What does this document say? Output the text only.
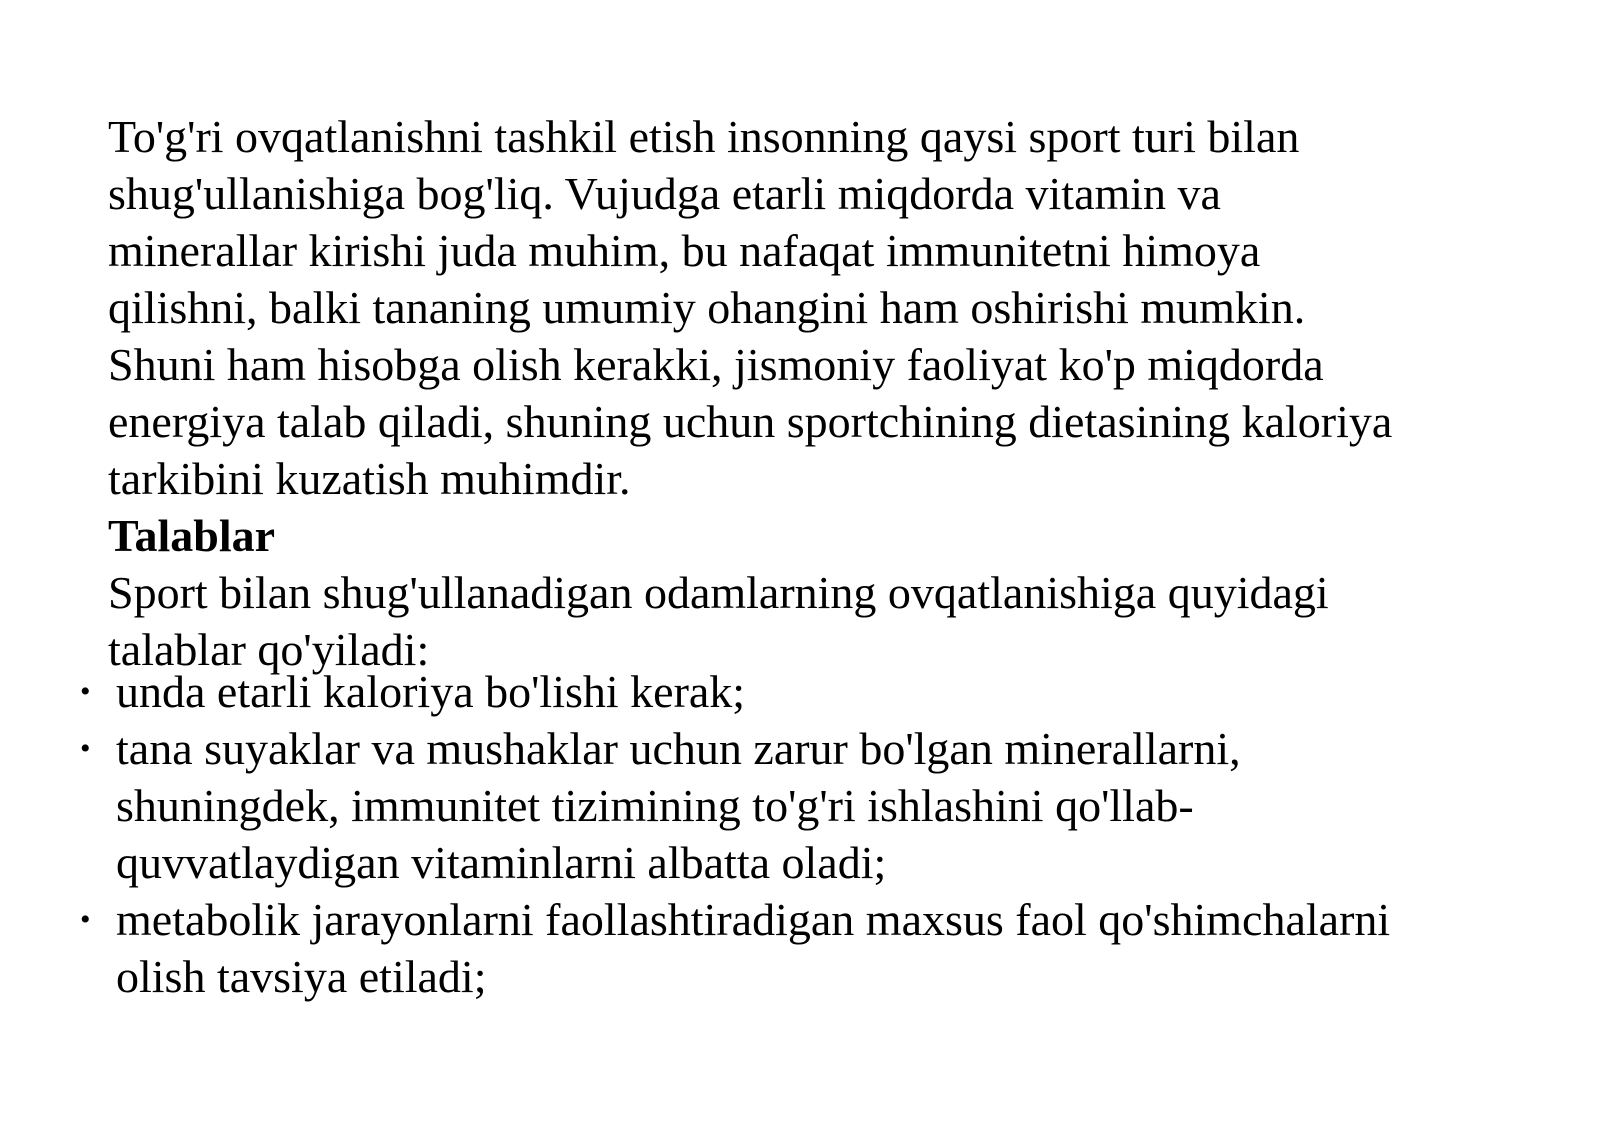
To'g'ri ovqatlanishni tashkil etish insonning qaysi sport turi bilan
shug'ullanishiga bog'liq. Vujudga etarli miqdorda vitamin va
minerallar kirishi juda muhim, bu nafaqat immunitetni himoya
qilishni, balki tananing umumiy ohangini ham oshirishi mumkin.
Shuni ham hisobga olish kerakki, jismoniy faoliyat ko'p miqdorda
energiya talab qiladi, shuning uchun sportchining dietasining kaloriya
tarkibini kuzatish muhimdir.
Talablar
Sport bilan shug'ullanadigan odamlarning ovqatlanishiga quyidagi
talablar qo'yiladi:
• unda etarli kaloriya bo'lishi kerak;
• tana suyaklar va mushaklar uchun zarur bo'lgan minerallarni,
shuningdek, immunitet tizimining to'g'ri ishlashini qo'llab-
quvvatlaydigan vitaminlarni albatta oladi;
• metabolik jarayonlarni faollashtiradigan maxsus faol qo'shimchalarni
olish tavsiya etiladi;
